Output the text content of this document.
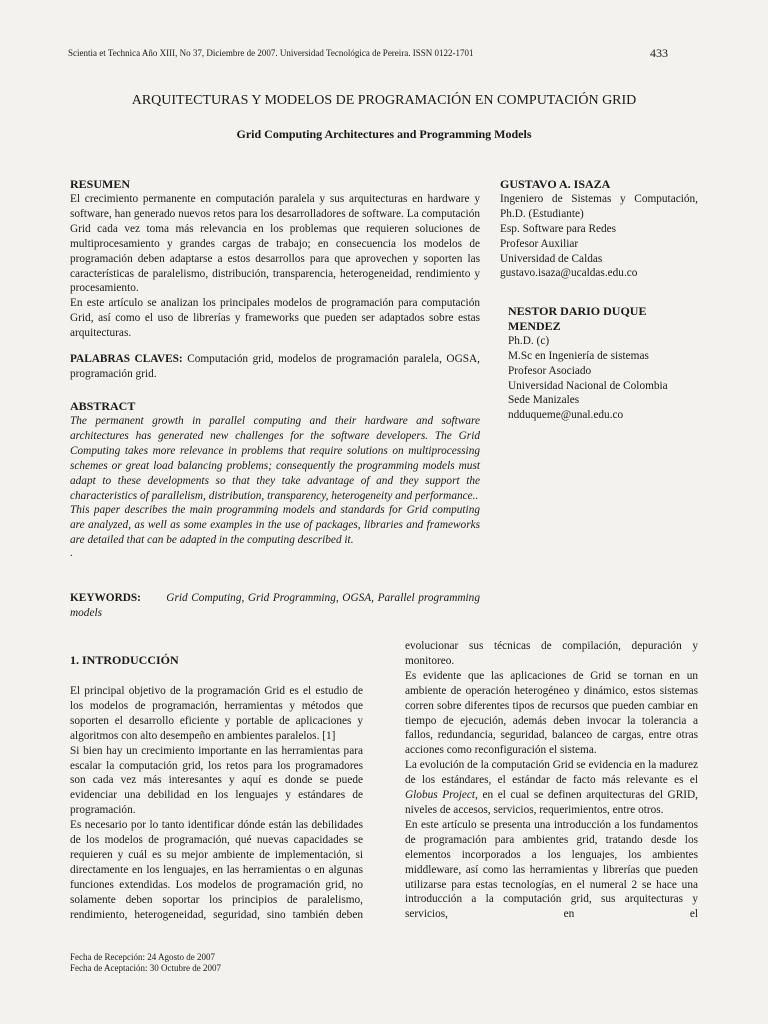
Scientia et Technica Año XIII, No 37, Diciembre de 2007. Universidad Tecnológica de Pereira. ISSN 0122-1701	433
ARQUITECTURAS Y MODELOS DE PROGRAMACIÓN EN COMPUTACIÓN GRID
Grid Computing Architectures and Programming Models

RESUMEN

El crecimiento permanente en computación paralela y sus arquitecturas en hardware y software, han generado nuevos retos para los desarrolladores de software. La computación Grid cada vez toma más relevancia en los problemas que requieren soluciones de multiprocesamiento y grandes cargas de trabajo; en consecuencia los modelos de programación deben adaptarse a estos desarrollos para que aprovechen y soporten las características de paralelismo, distribución, transparencia, heterogeneidad, rendimiento y procesamiento.

En este artículo se analizan los principales modelos de programación para computación Grid, así como el uso de librerías y frameworks que pueden ser adaptados sobre estas arquitecturas.

PALABRAS CLAVES: Computación grid, modelos de programación paralela, OGSA, programación grid.

ABSTRACT

The permanent growth in parallel computing and their hardware and software architectures has generated new challenges for the software developers. The Grid Computing takes more relevance in problems that require solutions on multiprocessing schemes or great load balancing problems; consequently the programming models must adapt to these developments so that they take advantage of and they support the characteristics of parallelism, distribution, transparency, heterogeneity and performance..

This paper describes the main programming models and standards for Grid computing are analyzed, as well as some examples in the use of packages, libraries and frameworks are detailed that can be adapted in the computing described it.

.

KEYWORDS: Grid Computing, Grid Programming, OGSA, Parallel programming models

GUSTAVO A. ISAZA
Ingeniero de Sistemas y Computación, Ph.D. (Estudiante)
Esp. Software para Redes
Profesor Auxiliar
Universidad de Caldas
gustavo.isaza@ucaldas.edu.co
NESTOR DARIO DUQUE MENDEZ
Ph.D. (c)
M.Sc en Ingeniería de sistemas
Profesor Asociado
Universidad Nacional de Colombia
Sede Manizales
ndduqueme@unal.edu.co

1. INTRODUCCIÓN

El principal objetivo de la programación Grid es el estudio de los modelos de programación, herramientas y métodos que soporten el desarrollo eficiente y portable de aplicaciones y algoritmos con alto desempeño en ambientes paralelos. [1]

Si bien hay un crecimiento importante en las herramientas para escalar la computación grid, los retos para los programadores son cada vez más interesantes y aquí es donde se puede evidenciar una debilidad en los lenguajes y estándares de programación.

Es necesario por lo tanto identificar dónde están las debilidades de los modelos de programación, qué nuevas capacidades se requieren y cuál es su mejor ambiente de implementación, si directamente en los lenguajes, en las herramientas o en algunas funciones extendidas. Los modelos de programación grid, no solamente deben soportar los principios de paralelismo, rendimiento, heterogeneidad, seguridad, sino también deben

evolucionar sus técnicas de compilación, depuración y monitoreo.

Es evidente que las aplicaciones de Grid se tornan en un ambiente de operación heterogéneo y dinámico, estos sistemas corren sobre diferentes tipos de recursos que pueden cambiar en tiempo de ejecución, además deben invocar la tolerancia a fallos, redundancia, seguridad, balanceo de cargas, entre otras acciones como reconfiguración el sistema.

La evolución de la computación Grid se evidencia en la madurez de los estándares, el estándar de facto más relevante es el Globus Project, en el cual se definen arquitecturas del GRID, niveles de accesos, servicios, requerimientos, entre otros.

En este artículo se presenta una introducción a los fundamentos de programación para ambientes grid, tratando desde los elementos incorporados a los lenguajes, los ambientes middleware, así como las herramientas y librerías que pueden utilizarse para estas tecnologías, en el numeral 2 se hace una introducción a la computación grid, sus arquitecturas y servicios, en el

Fecha de Recepción: 24 Agosto de 2007
Fecha de Aceptación: 30 Octubre de 2007
